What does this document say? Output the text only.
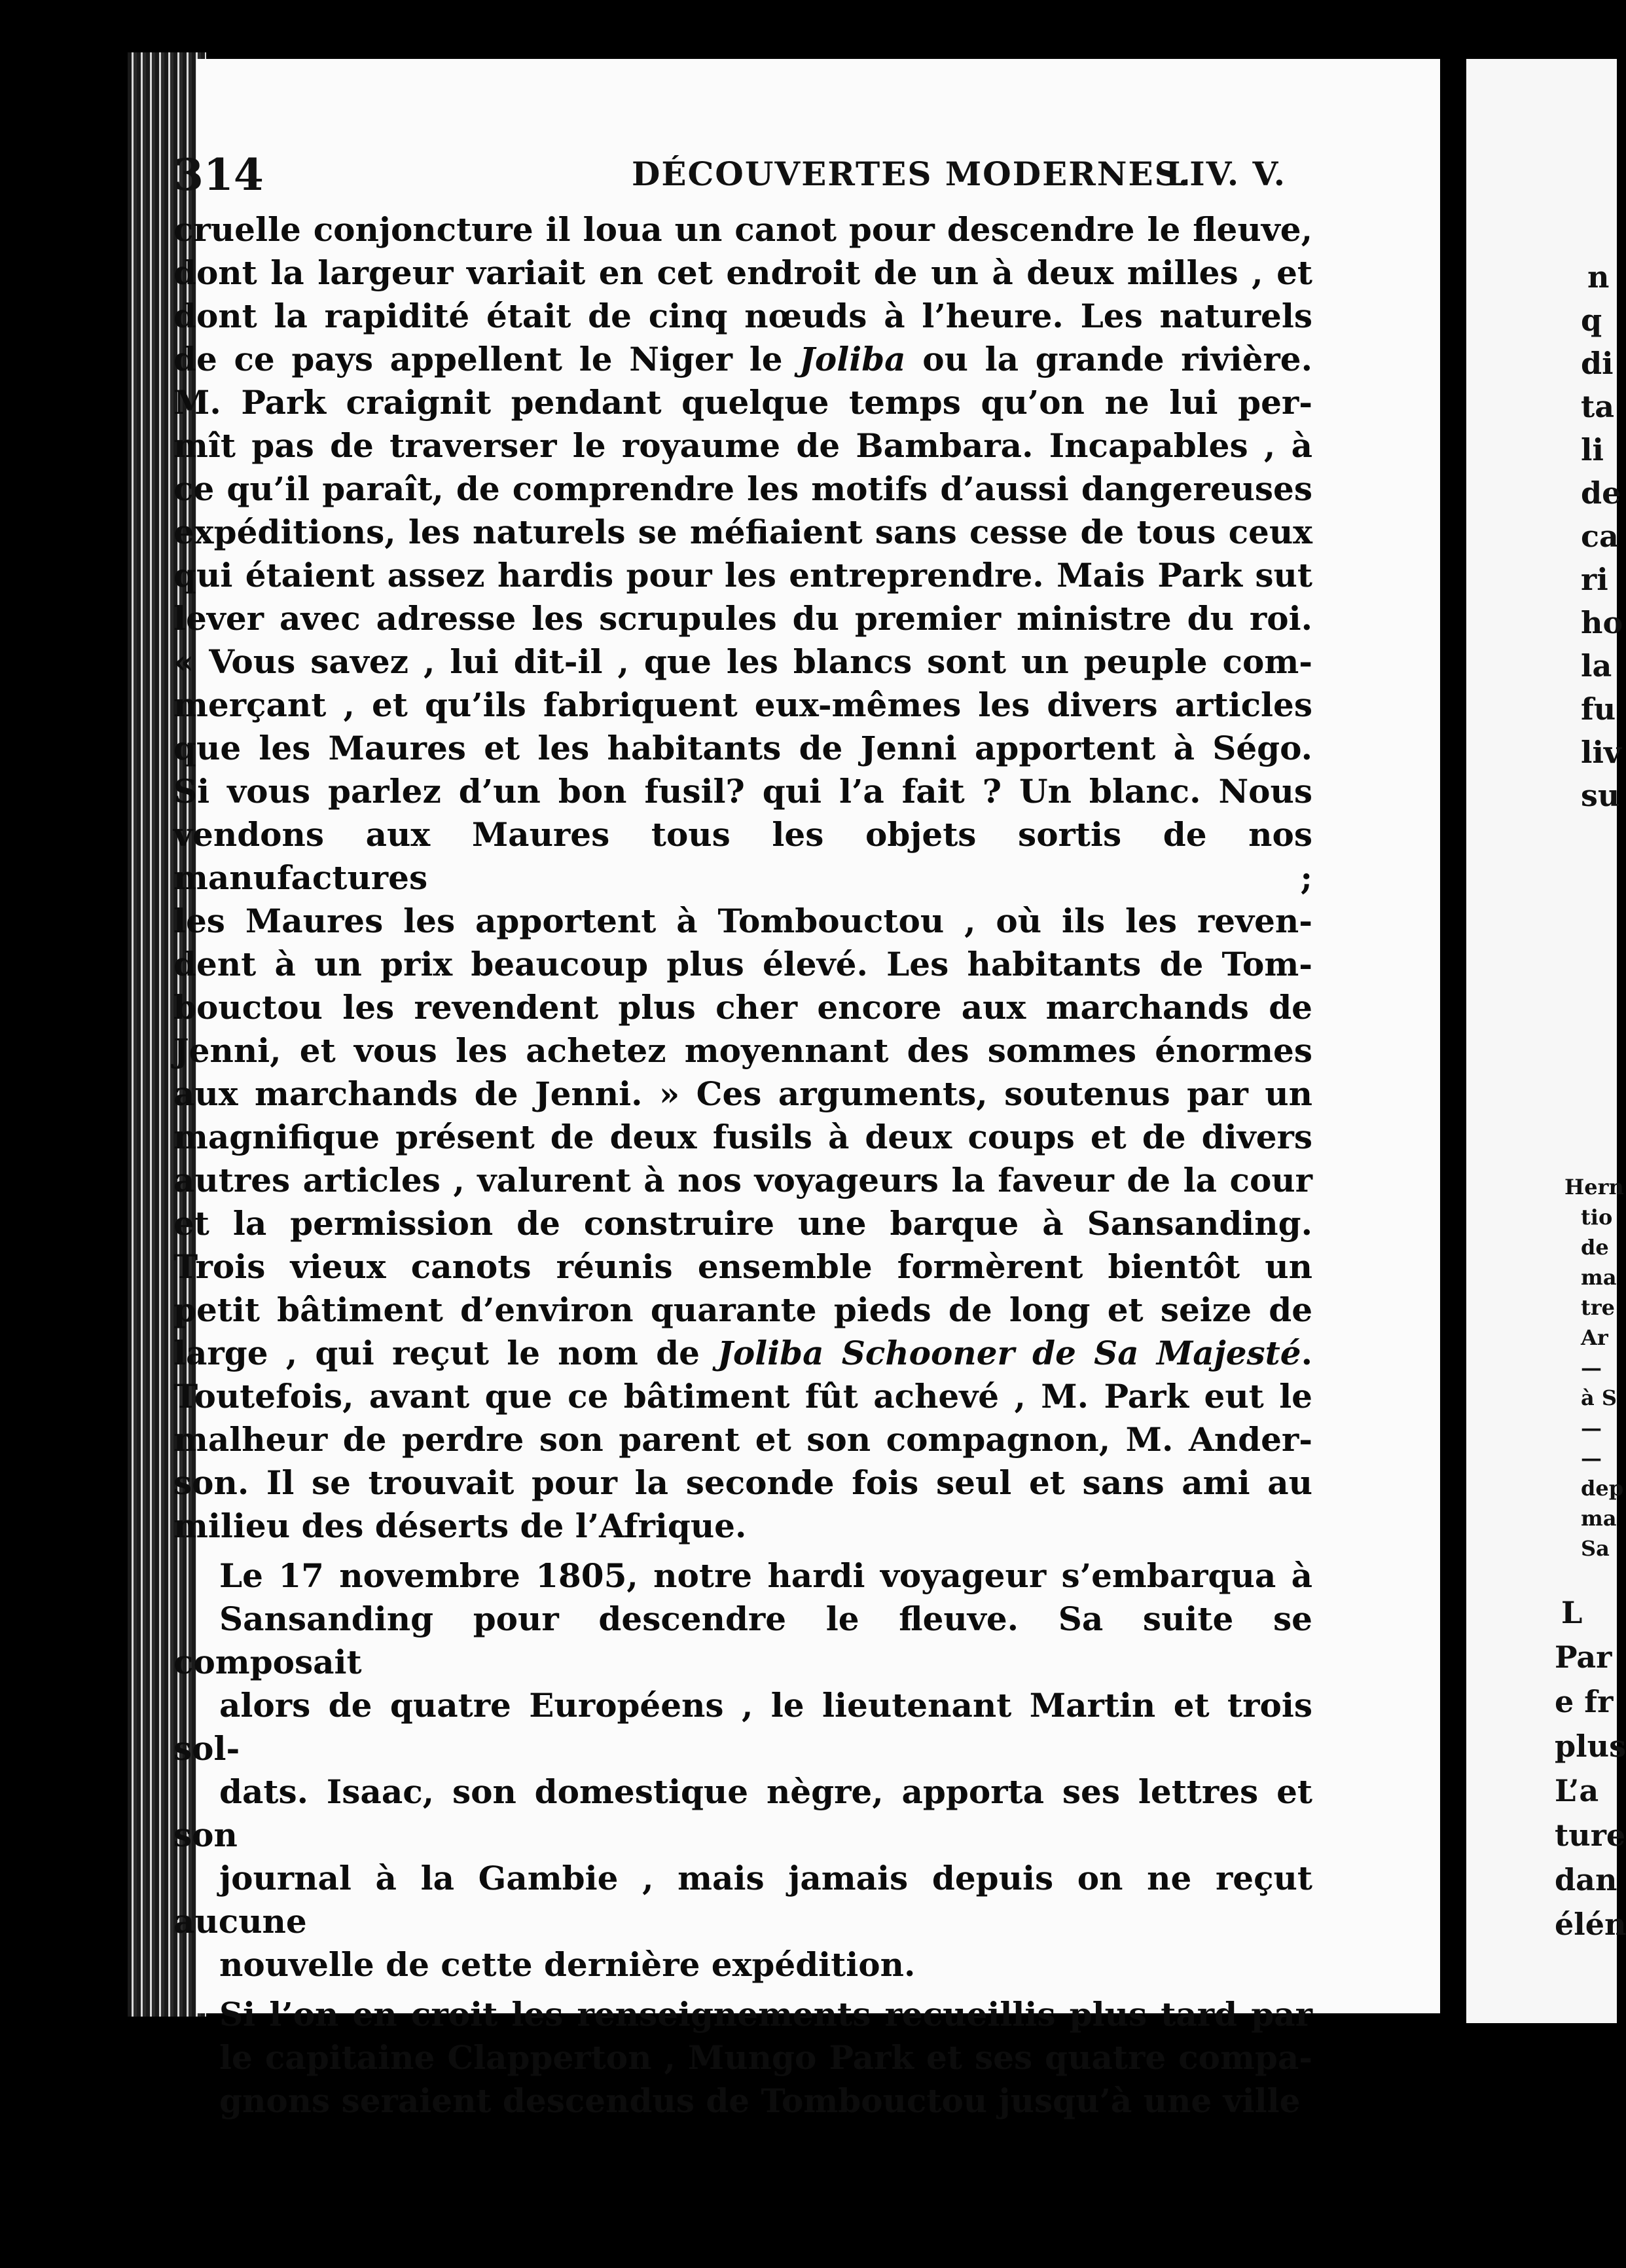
314	DÉCOUVERTES MODERNES.
LIV. V.

cruelle conjoncture il loua un canot pour descendre le fleuve,
dont la largeur variait en cet endroit de un à deux milles , et
dont la rapidité était de cinq nœuds à l’heure. Les naturels
de ce pays appellent le Niger le Joliba ou la grande rivière.
M. Park craignit pendant quelque temps qu’on ne lui per-
mît pas de traverser le royaume de Bambara. Incapables , à
ce qu’il paraît, de comprendre les motifs d’aussi dangereuses
expéditions, les naturels se méfiaient sans cesse de tous ceux
qui étaient assez hardis pour les entreprendre. Mais Park sut
lever avec adresse les scrupules du premier ministre du roi.
« Vous savez , lui dit-il , que les blancs sont un peuple com-
merçant , et qu’ils fabriquent eux-mêmes les divers articles
que les Maures et les habitants de Jenni apportent à Ségo.
Si vous parlez d’un bon fusil? qui l’a fait ? Un blanc. Nous
vendons aux Maures tous les objets sortis de nos manufactures ;
les Maures les apportent à Tombouctou , où ils les reven-
dent à un prix beaucoup plus élevé. Les habitants de Tom-
bouctou les revendent plus cher encore aux marchands de
Jenni, et vous les achetez moyennant des sommes énormes
aux marchands de Jenni. » Ces arguments, soutenus par un
magnifique présent de deux fusils à deux coups et de divers
autres articles , valurent à nos voyageurs la faveur de la cour
et la permission de construire une barque à Sansanding.
Trois vieux canots réunis ensemble formèrent bientôt un
petit bâtiment d’environ quarante pieds de long et seize de
large , qui reçut le nom de Joliba Schooner de Sa Majesté.
Toutefois, avant que ce bâtiment fût achevé , M. Park eut le
malheur de perdre son parent et son compagnon, M. Ander-
son. Il se trouvait pour la seconde fois seul et sans ami au
milieu des déserts de l’Afrique.

Le 17 novembre 1805, notre hardi voyageur s’embarqua à
Sansanding pour descendre le fleuve. Sa suite se composait
alors de quatre Européens , le lieutenant Martin et trois sol-
dats. Isaac, son domestique nègre, apporta ses lettres et son
journal à la Gambie , mais jamais depuis on ne reçut aucune
nouvelle de cette dernière expédition.

Si l’on en croit les renseignements recueillis plus tard par
le capitaine Clapperton , Mungo Park et ses quatre compa-
gnons seraient descendus de Tombouctou jusqu’à une ville

n
q
di
ta
li
de
ca
ri
ho
la
fu
liv
su
Hern
tio
de
ma
tre
Ar
—
à S
—
—
dep
ma
Sa
L
Par
e fr
plus
L’a
ture
dan
élén
